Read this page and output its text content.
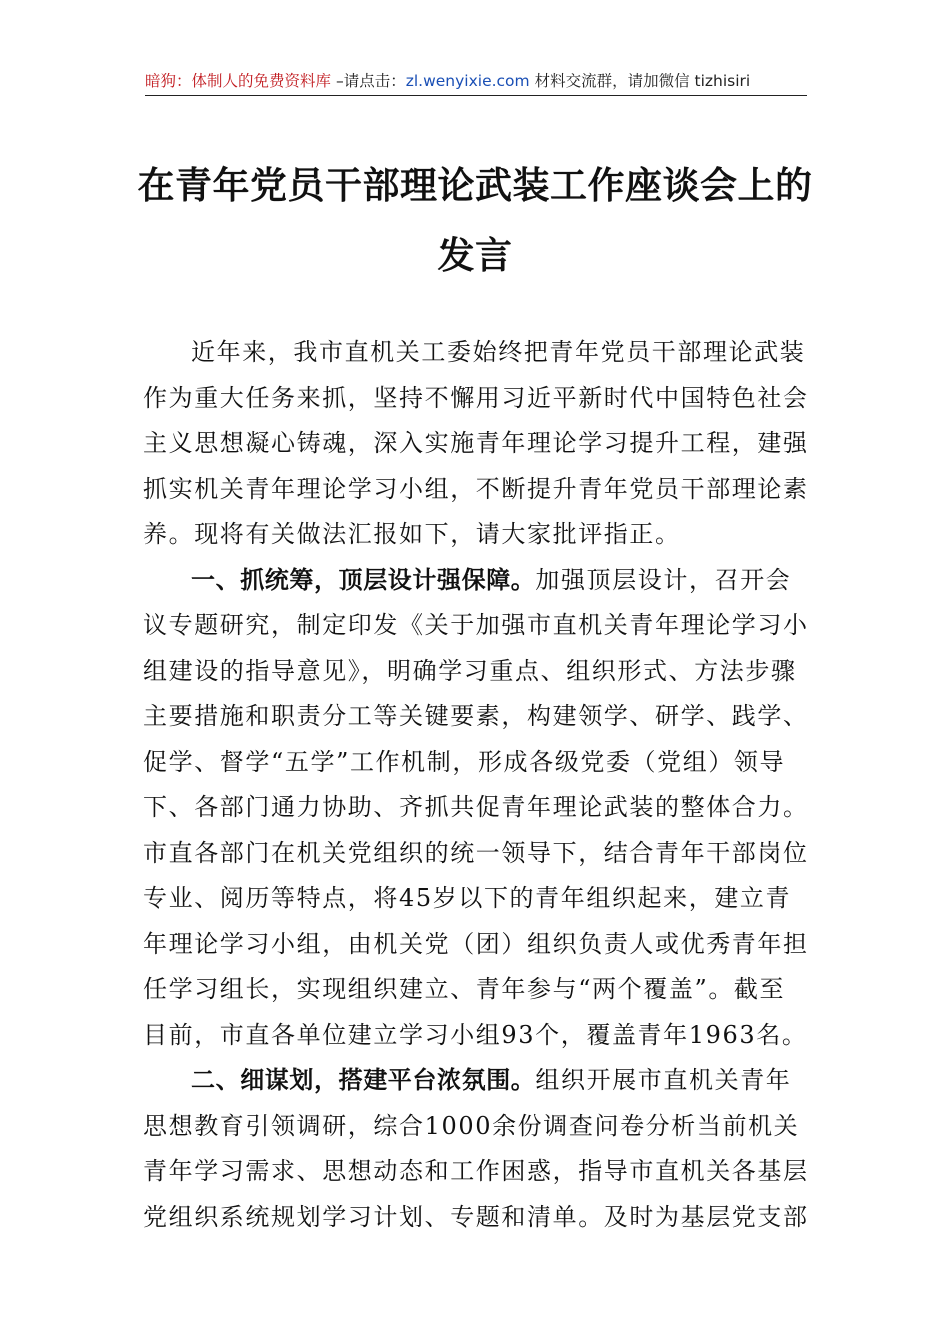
暗狗：体制人的免费资料库 –请点击：zl.wenyixie.com 材料交流群，请加微信 tizhisiri
在青年党员干部理论武装工作座谈会上的
发言
近年来，我市直机关工委始终把青年党员干部理论武装
作为重大任务来抓，坚持不懈用习近平新时代中国特色社会
主义思想凝心铸魂，深入实施青年理论学习提升工程，建强
抓实机关青年理论学习小组，不断提升青年党员干部理论素
养。现将有关做法汇报如下，请大家批评指正。
一、抓统筹，顶层设计强保障。加强顶层设计，召开会
议专题研究，制定印发《关于加强市直机关青年理论学习小
组建设的指导意见》，明确学习重点、组织形式、方法步骤
主要措施和职责分工等关键要素，构建领学、研学、践学、
促学、督学“五学”工作机制，形成各级党委（党组）领导
下、各部门通力协助、齐抓共促青年理论武装的整体合力。
市直各部门在机关党组织的统一领导下，结合青年干部岗位
专业、阅历等特点，将45岁以下的青年组织起来，建立青
年理论学习小组，由机关党（团）组织负责人或优秀青年担
任学习组长，实现组织建立、青年参与“两个覆盖”。截至
目前，市直各单位建立学习小组93个，覆盖青年1963名。
二、细谋划，搭建平台浓氛围。组织开展市直机关青年
思想教育引领调研，综合1000余份调查问卷分析当前机关
青年学习需求、思想动态和工作困惑，指导市直机关各基层
党组织系统规划学习计划、专题和清单。及时为基层党支部
